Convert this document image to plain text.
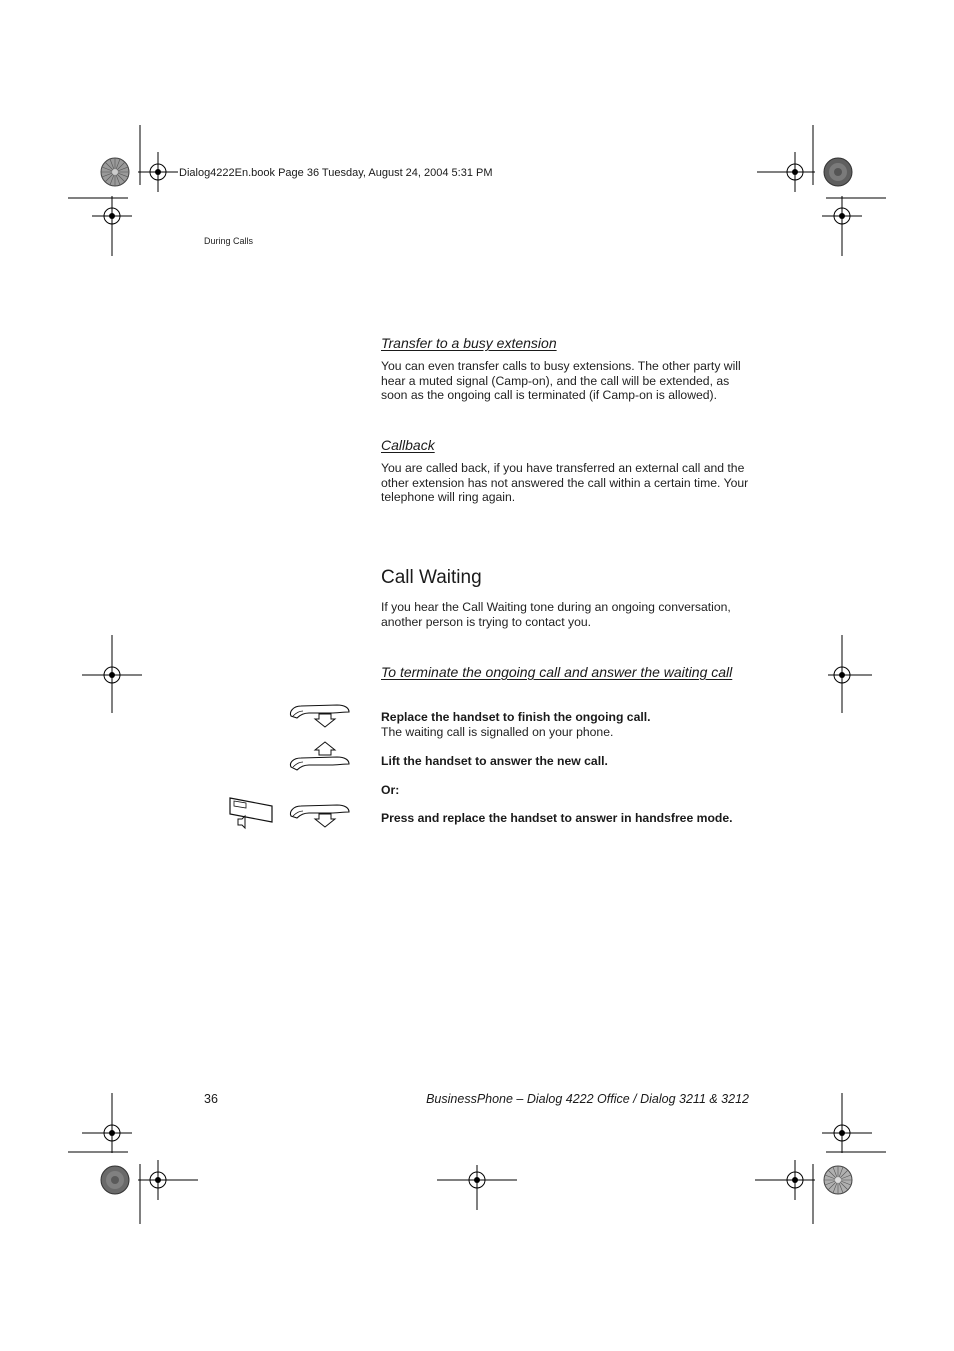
Dialog4222En.book Page 36 Tuesday, August 24, 2004 5:31 PM
During Calls
Transfer to a busy extension
You can even transfer calls to busy extensions. The other party will hear a muted signal (Camp-on), and the call will be extended, as soon as the ongoing call is terminated (if Camp-on is allowed).
Callback
You are called back, if you have transferred an external call and the other extension has not answered the call within a certain time. Your telephone will ring again.
Call Waiting
If you hear the Call Waiting tone during an ongoing conversation, another person is trying to contact you.
To terminate the ongoing call and answer the waiting call
Replace the handset to finish the ongoing call.
The waiting call is signalled on your phone.
Lift the handset to answer the new call.
Or:
Press and replace the handset to answer in handsfree mode.
36	BusinessPhone – Dialog 4222 Office / Dialog 3211 & 3212
